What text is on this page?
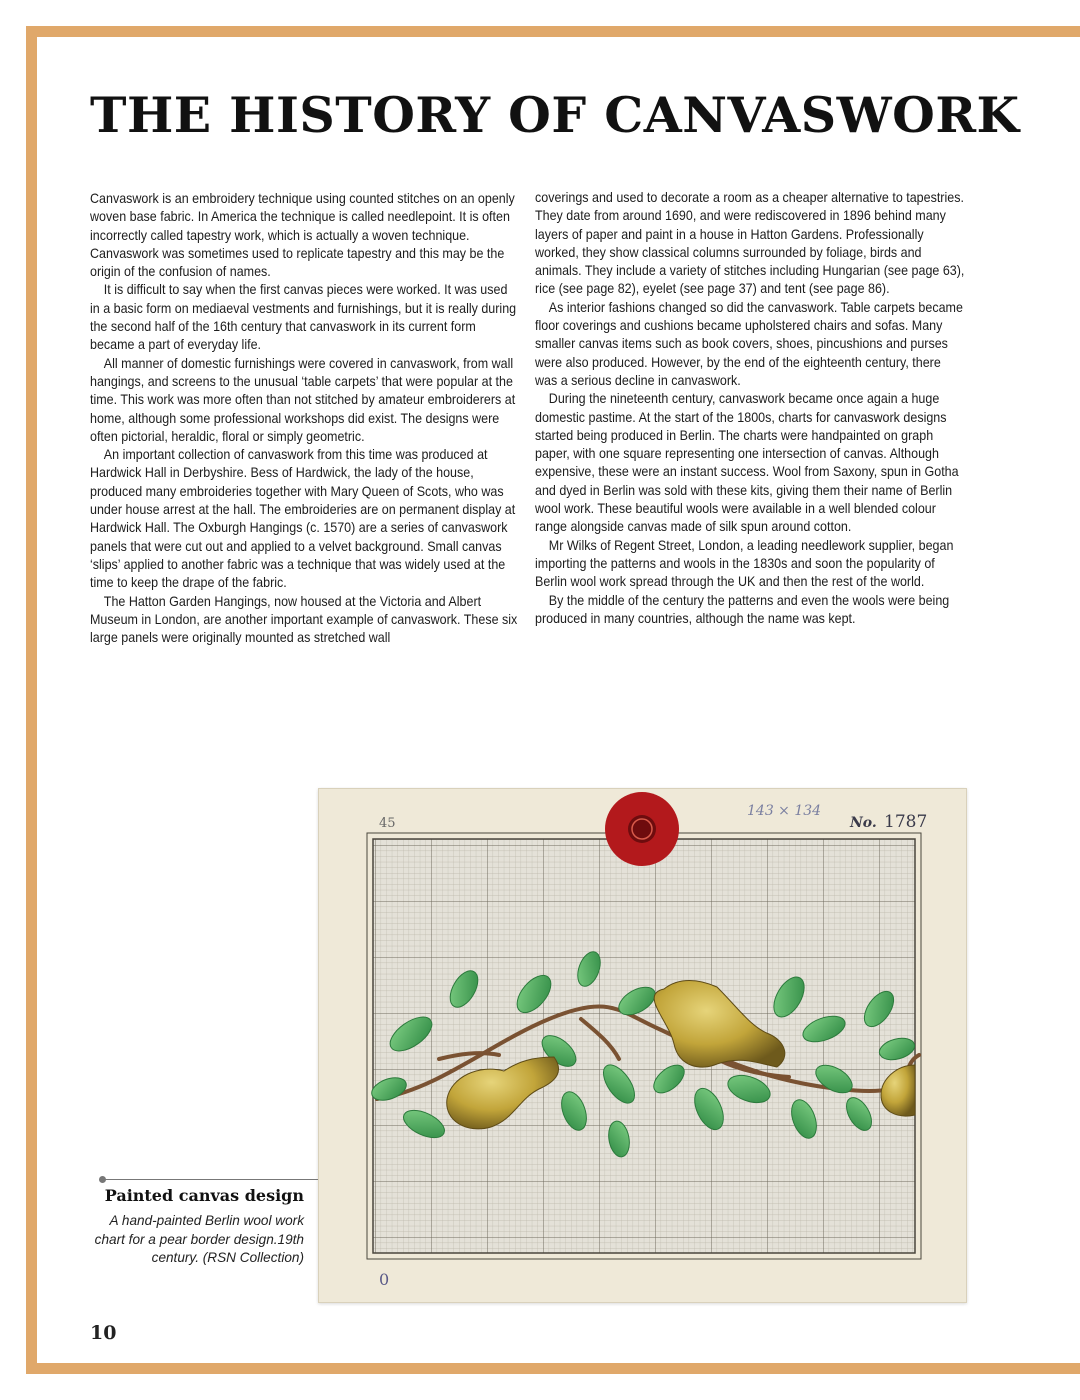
THE HISTORY OF CANVASWORK

Canvaswork is an embroidery technique using counted stitches on an openly woven base fabric. In America the technique is called needlepoint. It is often incorrectly called tapestry work, which is actually a woven technique. Canvaswork was sometimes used to replicate tapestry and this may be the origin of the confusion of names.

It is difficult to say when the first canvas pieces were worked. It was used in a basic form on mediaeval vestments and furnishings, but it is really during the second half of the 16th century that canvaswork in its current form became a part of everyday life.

All manner of domestic furnishings were covered in canvaswork, from wall hangings, and screens to the unusual ‘table carpets’ that were popular at the time. This work was more often than not stitched by amateur embroiderers at home, although some professional workshops did exist. The designs were often pictorial, heraldic, floral or simply geometric.

An important collection of canvaswork from this time was produced at Hardwick Hall in Derbyshire. Bess of Hardwick, the lady of the house, produced many embroideries together with Mary Queen of Scots, who was under house arrest at the hall. The embroideries are on permanent display at Hardwick Hall. The Oxburgh Hangings (c. 1570) are a series of canvaswork panels that were cut out and applied to a velvet background. Small canvas ‘slips’ applied to another fabric was a technique that was widely used at the time to keep the drape of the fabric.

The Hatton Garden Hangings, now housed at the Victoria and Albert Museum in London, are another important example of canvaswork. These six large panels were originally mounted as stretched wall

coverings and used to decorate a room as a cheaper alternative to tapestries. They date from around 1690, and were rediscovered in 1896 behind many layers of paper and paint in a house in Hatton Gardens. Professionally worked, they show classical columns surrounded by foliage, birds and animals. They include a variety of stitches including Hungarian (see page 63), rice (see page 82), eyelet (see page 37) and tent (see page 86).

As interior fashions changed so did the canvaswork. Table carpets became floor coverings and cushions became upholstered chairs and sofas. Many smaller canvas items such as book covers, shoes, pincushions and purses were also produced. However, by the end of the eighteenth century, there was a serious decline in canvaswork.

During the nineteenth century, canvaswork became once again a huge domestic pastime. At the start of the 1800s, charts for canvaswork designs started being produced in Berlin. The charts were handpainted on graph paper, with one square representing one intersection of canvas. Although expensive, these were an instant success. Wool from Saxony, spun in Gotha and dyed in Berlin was sold with these kits, giving them their name of Berlin wool work. These beautiful wools were available in a well blended colour range alongside canvas made of silk spun around cotton.

Mr Wilks of Regent Street, London, a leading needlework supplier, began importing the patterns and wools in the 1830s and soon the popularity of Berlin wool work spread through the UK and then the rest of the world.

By the middle of the century the patterns and even the wools were being produced in many countries, although the name was kept.

45
143 × 134
No. 1787
0
Painted canvas design
A hand-painted Berlin wool work chart for a pear border design.19th century. (RSN Collection)
10
